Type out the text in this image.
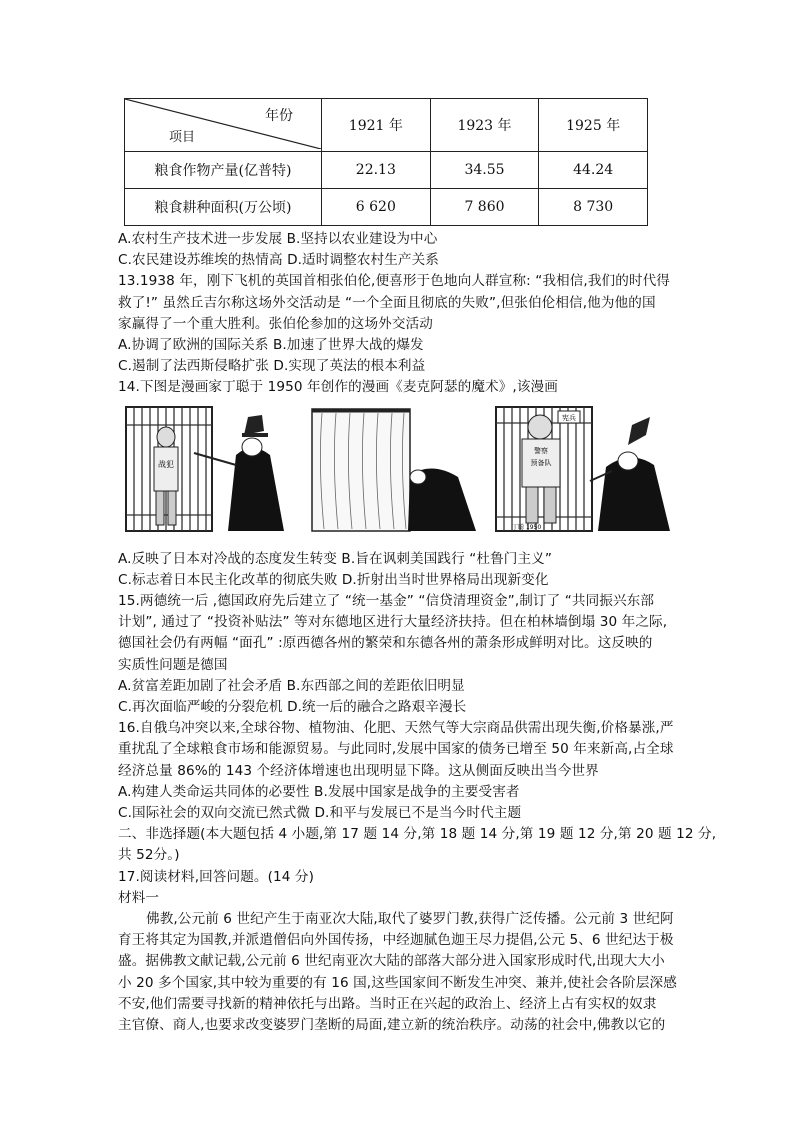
年份
项目	1921 年	1923 年	1925 年
粮食作物产量(亿普特)	22.13	34.55	44.24
粮食耕种面积(万公顷)	6 620	7 860	8 730
A.农村生产技术进一步发展 B.坚持以农业建设为中心
C.农民建设苏维埃的热情高 D.适时调整农村生产关系
13.1938 年，刚下飞机的英国首相张伯伦,便喜形于色地向人群宣称: “我相信,我们的时代得
救了!” 虽然丘吉尔称这场外交活动是 “一个全面且彻底的失败”,但张伯伦相信,他为他的国
家赢得了一个重大胜利。张伯伦参加的这场外交活动
A.协调了欧洲的国际关系 B.加速了世界大战的爆发
C.遏制了法西斯侵略扩张 D.实现了英法的根本利益
14.下图是漫画家丁聪于 1950 年创作的漫画《麦克阿瑟的魔术》,该漫画
战犯
警察
预备队
宪兵
丁聪 1950
A.反映了日本对冷战的态度发生转变 B.旨在讽刺美国践行 “杜鲁门主义”
C.标志着日本民主化改革的彻底失败 D.折射出当时世界格局出现新变化
15.两德统一后 ,德国政府先后建立了 “统一基金” “信贷清理资金”,制订了 “共同振兴东部
计划”, 通过了 “投资补贴法” 等对东德地区进行大量经济扶持。但在柏林墙倒塌 30 年之际,
德国社会仍有两幅 “面孔” :原西德各州的繁荣和东德各州的萧条形成鲜明对比。这反映的
实质性问题是德国
A.贫富差距加剧了社会矛盾 B.东西部之间的差距依旧明显
C.再次面临严峻的分裂危机 D.统一后的融合之路艰辛漫长
16.自俄乌冲突以来,全球谷物、植物油、化肥、天然气等大宗商品供需出现失衡,价格暴涨,严
重扰乱了全球粮食市场和能源贸易。与此同时,发展中国家的债务已增至 50 年来新高,占全球
经济总量 86%的 143 个经济体增速也出现明显下降。这从侧面反映出当今世界
A.构建人类命运共同体的必要性 B.发展中国家是战争的主要受害者
C.国际社会的双向交流已然式微 D.和平与发展已不是当今时代主题
二、非选择题(本大题包括 4 小题,第 17 题 14 分,第 18 题 14 分,第 19 题 12 分,第 20 题 12 分,
共 52分。)
17.阅读材料,回答问题。(14 分)
材料一
佛教,公元前 6 世纪产生于南亚次大陆,取代了婆罗门教,获得广泛传播。公元前 3 世纪阿
育王将其定为国教,并派遣僧侣向外国传扬，中经迦腻色迦王尽力提倡,公元 5、6 世纪达于极
盛。据佛教文献记载,公元前 6 世纪南亚次大陆的部落大部分进入国家形成时代,出现大大小
小 20 多个国家,其中较为重要的有 16 国,这些国家间不断发生冲突、兼并,使社会各阶层深感
不安,他们需要寻找新的精神依托与出路。当时正在兴起的政治上、经济上占有实权的奴隶
主官僚、商人,也要求改变婆罗门垄断的局面,建立新的统治秩序。动荡的社会中,佛教以它的
